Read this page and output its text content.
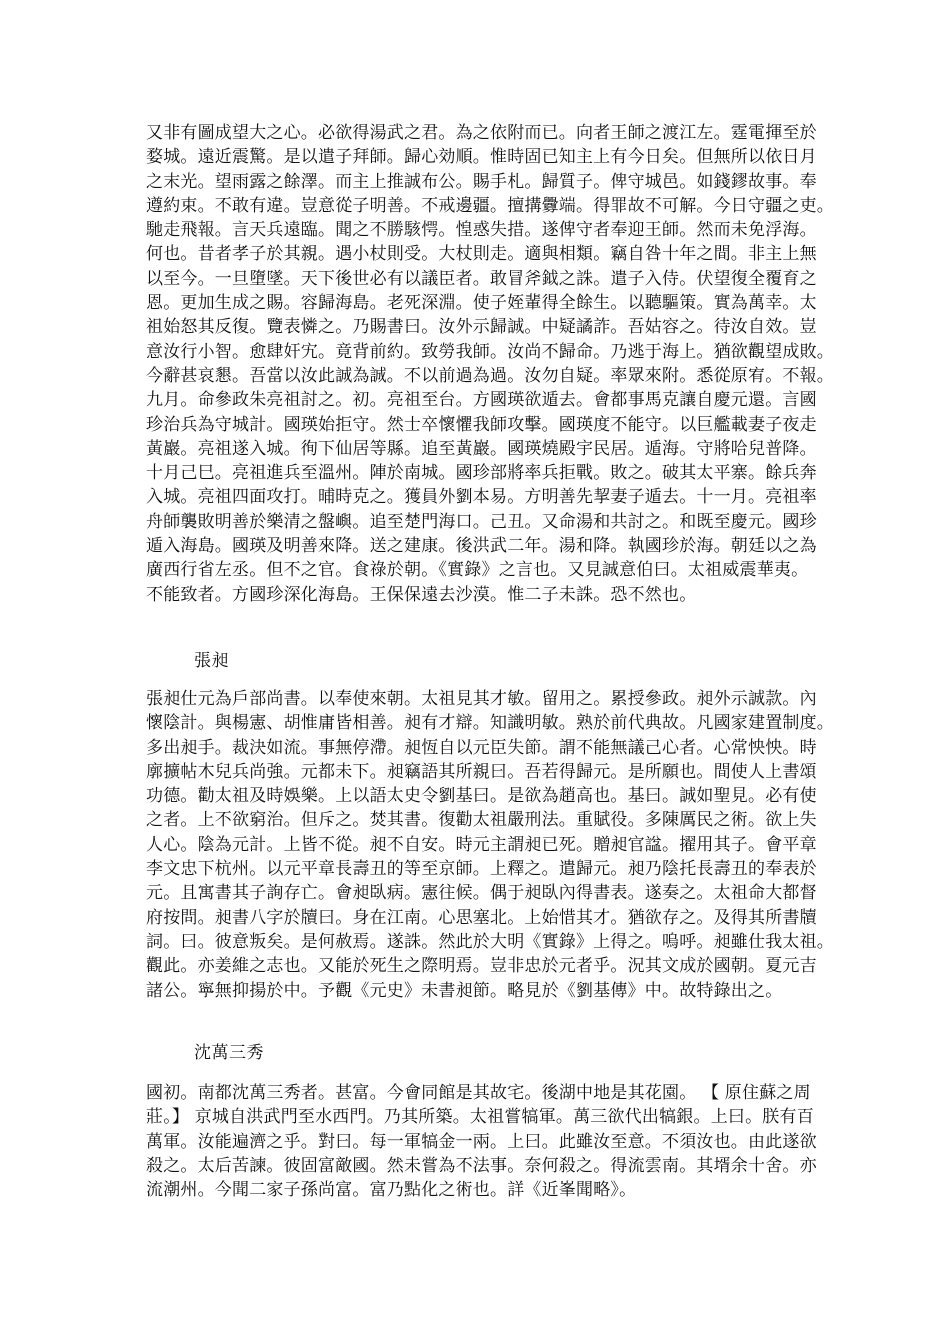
又非有圖成望大之心。必欲得湯武之君。為之依附而已。向者王師之渡江左。霆電揮至於
婺城。遠近震驚。是以遣子拜師。歸心効順。惟時固已知主上有今日矣。但無所以依日月
之末光。望雨露之餘澤。而主上推誠布公。賜手札。歸質子。俾守城邑。如錢鏐故事。奉
遵約束。不敢有違。豈意從子明善。不戒邊疆。擅搆釁端。得罪故不可解。今日守疆之吏。
馳走飛報。言天兵遠臨。聞之不勝駭愕。惶惑失措。遂俾守者奉迎王師。然而未免浮海。
何也。昔者孝子於其親。遇小杖則受。大杖則走。適與相類。竊自咎十年之間。非主上無
以至今。一旦墮墜。天下後世必有以議臣者。敢冒斧鉞之誅。遣子入侍。伏望復全覆育之
恩。更加生成之賜。容歸海島。老死深淵。使子姪輩得全餘生。以聽驅策。實為萬幸。太
祖始怒其反復。覽表憐之。乃賜書曰。汝外示歸誠。中疑譎詐。吾姑容之。待汝自效。豈
意汝行小智。愈肆奸宄。竟背前約。致勞我師。汝尚不歸命。乃逃于海上。猶欲觀望成敗。
今辭甚哀懇。吾當以汝此誠為誠。不以前過為過。汝勿自疑。率眾來附。悉從原宥。不報。
九月。命參政朱亮祖討之。初。亮祖至台。方國瑛欲遁去。會都事馬克讓自慶元還。言國
珍治兵為守城計。國瑛始拒守。然士卒懷懼我師攻擊。國瑛度不能守。以巨艦載妻子夜走
黃巖。亮祖遂入城。徇下仙居等縣。追至黃巖。國瑛燒殿宇民居。遁海。守將哈兒普降。
十月己巳。亮祖進兵至溫州。陣於南城。國珍部將率兵拒戰。敗之。破其太平寨。餘兵奔
入城。亮祖四面攻打。晡時克之。獲員外劉本易。方明善先挈妻子遁去。十一月。亮祖率
舟師襲敗明善於樂清之盤嶼。追至楚門海口。己丑。又命湯和共討之。和既至慶元。國珍
遁入海島。國瑛及明善來降。送之建康。後洪武二年。湯和降。執國珍於海。朝廷以之為
廣西行省左丞。但不之官。食祿於朝。《實錄》之言也。又見誠意伯曰。太祖威震華夷。
不能致者。方國珍深化海島。王保保遠去沙漠。惟二子未誅。恐不然也。
張昶
張昶仕元為戶部尚書。以奉使來朝。太祖見其才敏。留用之。累授參政。昶外示誠款。內
懷陰計。與楊憲、胡惟庸皆相善。昶有才辯。知識明敏。熟於前代典故。凡國家建置制度。
多出昶手。裁決如流。事無停滯。昶恆自以元臣失節。謂不能無議己心者。心常怏怏。時
廓擴帖木兒兵尚強。元都未下。昶竊語其所親曰。吾若得歸元。是所願也。間使人上書頌
功德。勸太祖及時娛樂。上以語太史令劉基曰。是欲為趙高也。基曰。誠如聖見。必有使
之者。上不欲窮治。但斥之。焚其書。復勸太祖嚴刑法。重賦役。多陳厲民之術。欲上失
人心。陰為元計。上皆不從。昶不自安。時元主謂昶已死。贈昶官諡。擢用其子。會平章
李文忠下杭州。以元平章長壽丑的等至京師。上釋之。遣歸元。昶乃陰托長壽丑的奉表於
元。且寓書其子詢存亡。會昶臥病。憲往候。偶于昶臥內得書表。遂奏之。太祖命大都督
府按問。昶書八字於牘曰。身在江南。心思塞北。上始惜其才。猶欲存之。及得其所書牘
詞。曰。彼意叛矣。是何赦焉。遂誅。然此於大明《實錄》上得之。嗚呼。昶雖仕我太祖。
觀此。亦姜維之志也。又能於死生之際明焉。豈非忠於元者乎。況其文成於國朝。夏元吉
諸公。寧無抑揚於中。予觀《元史》未書昶節。略見於《劉基傳》中。故特錄出之。
沈萬三秀
國初。南都沈萬三秀者。甚富。今會同館是其故宅。後湖中地是其花園。 【 原住蘇之周
莊。】 京城自洪武門至水西門。乃其所築。太祖嘗犒軍。萬三欲代出犒銀。上曰。朕有百
萬軍。汝能遍濟之乎。對曰。每一軍犒金一兩。上曰。此雖汝至意。不須汝也。由此遂欲
殺之。太后苦諫。彼固富敵國。然未嘗為不法事。奈何殺之。得流雲南。其壻余十舍。亦
流潮州。今聞二家子孫尚富。富乃點化之術也。詳《近峯聞略》。
